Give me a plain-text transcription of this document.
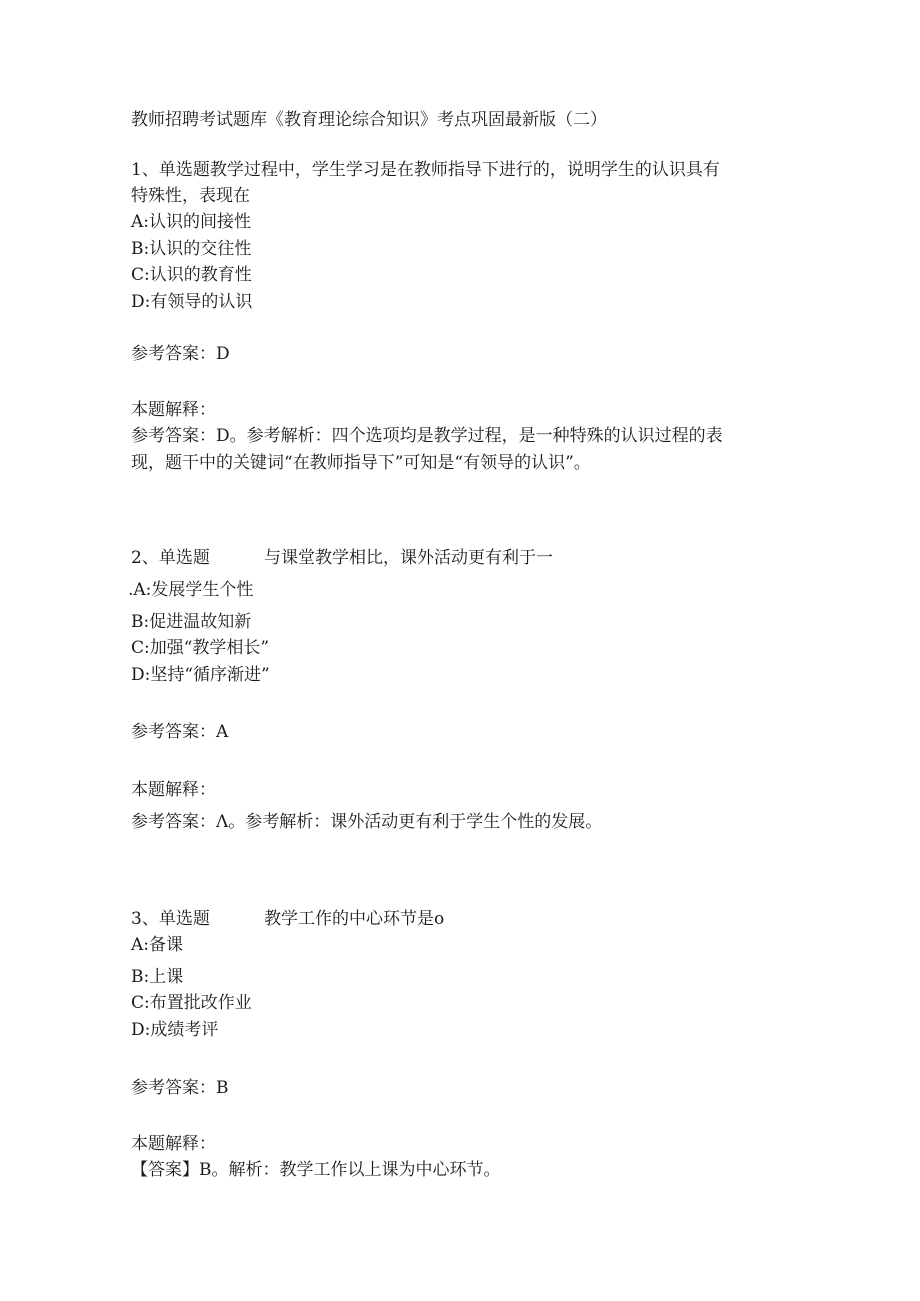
教师招聘考试题库《教育理论综合知识》考点巩固最新版（二）
1、单选题教学过程中，学生学习是在教师指导下进行的，说明学生的认识具有
特殊性，表现在
A:认识的间接性
B:认识的交往性
C:认识的教育性
D:有领导的认识
参考答案：D
本题解释：
参考答案：D。参考解析：四个选项均是教学过程，是一种特殊的认识过程的表
现，题干中的关键词“在教师指导下”可知是“有领导的认识”。
2、单选题	与课堂教学相比，课外活动更有利于一
.A:发展学生个性
B:促进温故知新
C:加强“教学相长”
D:坚持“循序渐进”
参考答案：A
本题解释：
参考答案：Λ。参考解析：课外活动更有利于学生个性的发展。
3、单选题	教学工作的中心环节是o
A:备课
B:上课
C:布置批改作业
D:成绩考评
参考答案：B
本题解释：
【答案】B。解析：教学工作以上课为中心环节。
